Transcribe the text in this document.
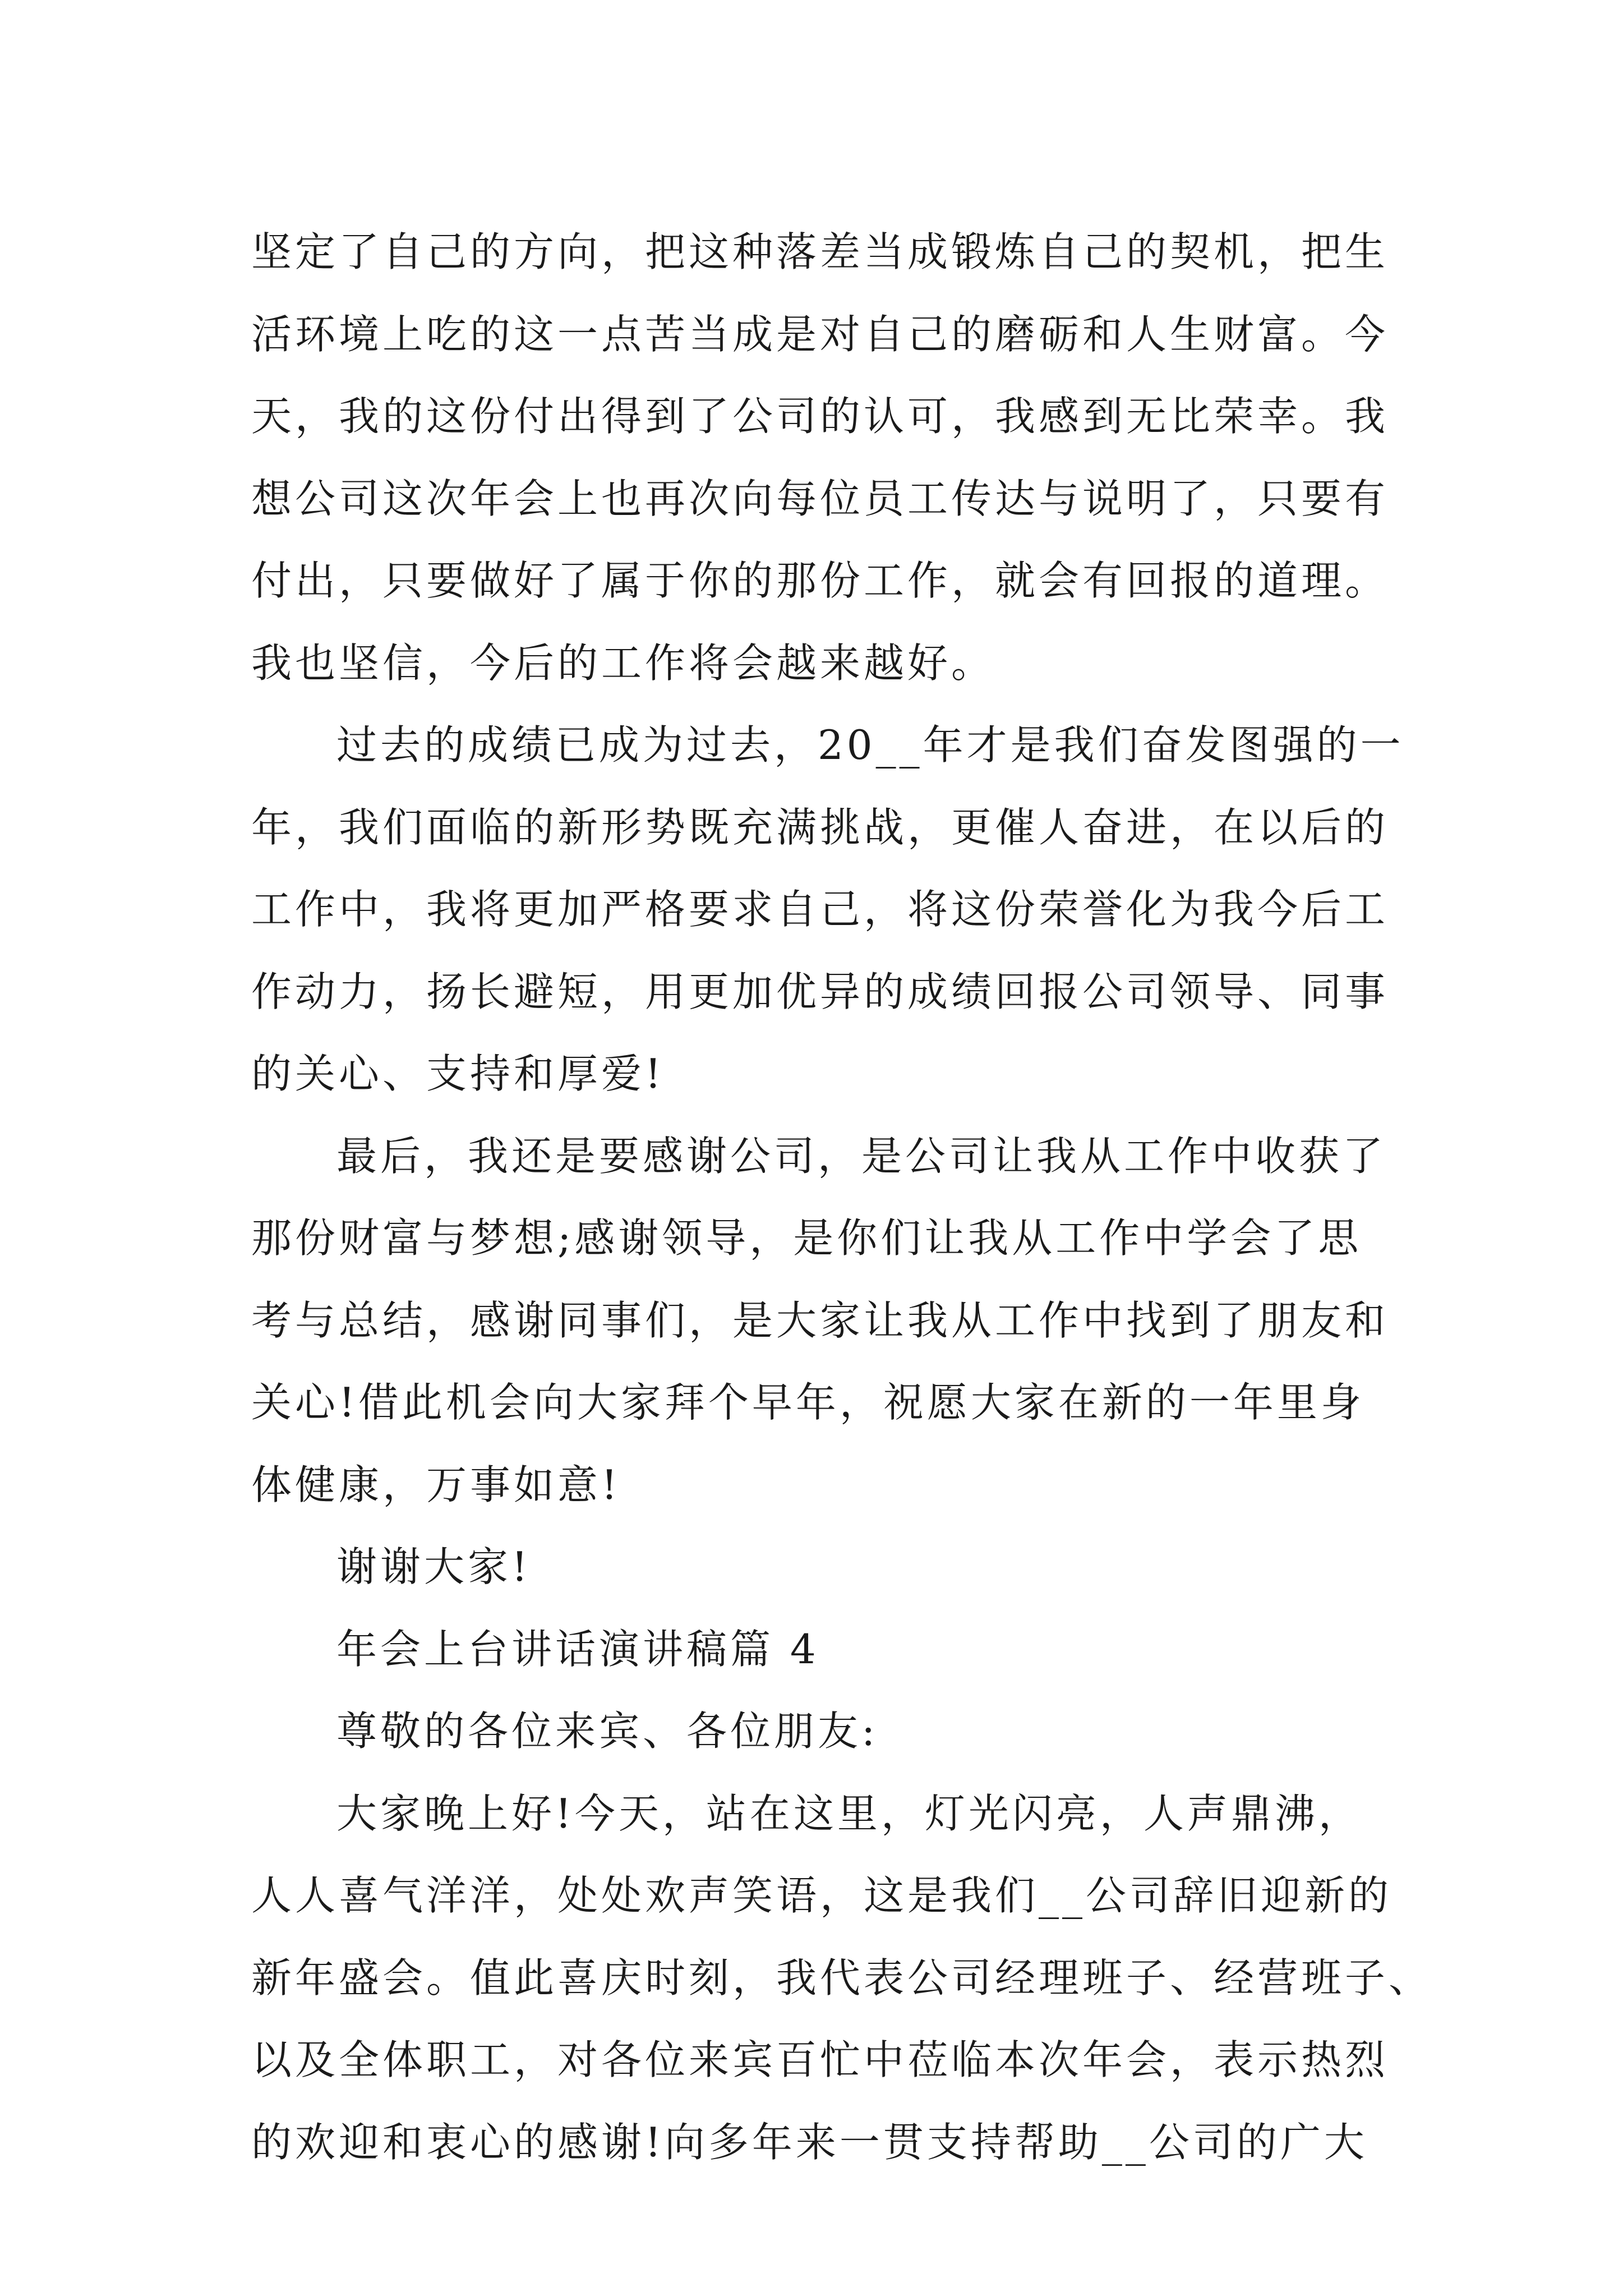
坚定了自己的方向，把这种落差当成锻炼自己的契机，把生
活环境上吃的这一点苦当成是对自己的磨砺和人生财富。今
天，我的这份付出得到了公司的认可，我感到无比荣幸。我
想公司这次年会上也再次向每位员工传达与说明了，只要有
付出，只要做好了属于你的那份工作，就会有回报的道理。
我也坚信，今后的工作将会越来越好。
过去的成绩已成为过去，20__年才是我们奋发图强的一
年，我们面临的新形势既充满挑战，更催人奋进，在以后的
工作中，我将更加严格要求自己，将这份荣誉化为我今后工
作动力，扬长避短，用更加优异的成绩回报公司领导、同事
的关心、支持和厚爱!
最后，我还是要感谢公司，是公司让我从工作中收获了
那份财富与梦想;感谢领导，是你们让我从工作中学会了思
考与总结，感谢同事们，是大家让我从工作中找到了朋友和
关心!借此机会向大家拜个早年，祝愿大家在新的一年里身
体健康，万事如意!
谢谢大家!
年会上台讲话演讲稿篇 4
尊敬的各位来宾、各位朋友:
大家晚上好!今天，站在这里，灯光闪亮，人声鼎沸，
人人喜气洋洋，处处欢声笑语，这是我们__公司辞旧迎新的
新年盛会。值此喜庆时刻，我代表公司经理班子、经营班子、
以及全体职工，对各位来宾百忙中莅临本次年会，表示热烈
的欢迎和衷心的感谢!向多年来一贯支持帮助__公司的广大
